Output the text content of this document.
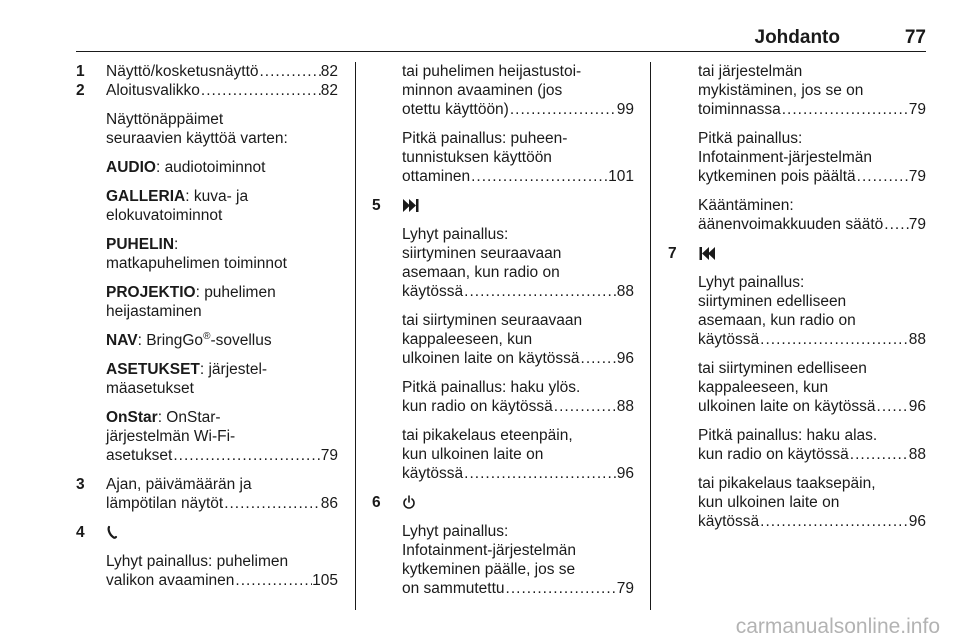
Johdanto	77
1 Näyttö/kosketusnäyttö .....	82
2 Aloitusvalikko .....	82
Näyttönäppäimet
seuraavien käyttöä varten:
AUDIO: audiotoiminnot
GALLERIA: kuva- ja
elokuvatoiminnot
PUHELIN:
matkapuhelimen toiminnot
PROJEKTIO: puhelimen
heijastaminen
NAV: BringGo®-sovellus
ASETUKSET: järjestel-
mäasetukset
OnStar: OnStar-
järjestelmän Wi-Fi-
asetukset .....	79
3 Ajan, päivämäärän ja
lämpötilan näytöt .....	86
4
Lyhyt painallus: puhelimen
valikon avaaminen .....	105
tai puhelimen heijastustoi-
minnon avaaminen (jos
otettu käyttöön) .....	99
Pitkä painallus: puheen-
tunnistuksen käyttöön
ottaminen .....	101
5
Lyhyt painallus:
siirtyminen seuraavaan
asemaan, kun radio on
käytössä .....	88
tai siirtyminen seuraavaan
kappaleeseen, kun
ulkoinen laite on käytössä ..... 96
Pitkä painallus: haku ylös.
kun radio on käytössä .....	88
tai pikakelaus eteenpäin,
kun ulkoinen laite on
käytössä .....	96
6
Lyhyt painallus:
Infotainment-järjestelmän
kytkeminen päälle, jos se
on sammutettu .....	79
tai järjestelmän
mykistäminen, jos se on
toiminnassa .....	79
Pitkä painallus:
Infotainment-järjestelmän
kytkeminen pois päältä .....	79
Kääntäminen:
äänenvoimakkuuden säätö ..... 79
7
Lyhyt painallus:
siirtyminen edelliseen
asemaan, kun radio on
käytössä .....	88
tai siirtyminen edelliseen
kappaleeseen, kun
ulkoinen laite on käytössä ..... 96
Pitkä painallus: haku alas.
kun radio on käytössä .....	88
tai pikakelaus taaksepäin,
kun ulkoinen laite on
käytössä .....	96
carmanualsonline.info
